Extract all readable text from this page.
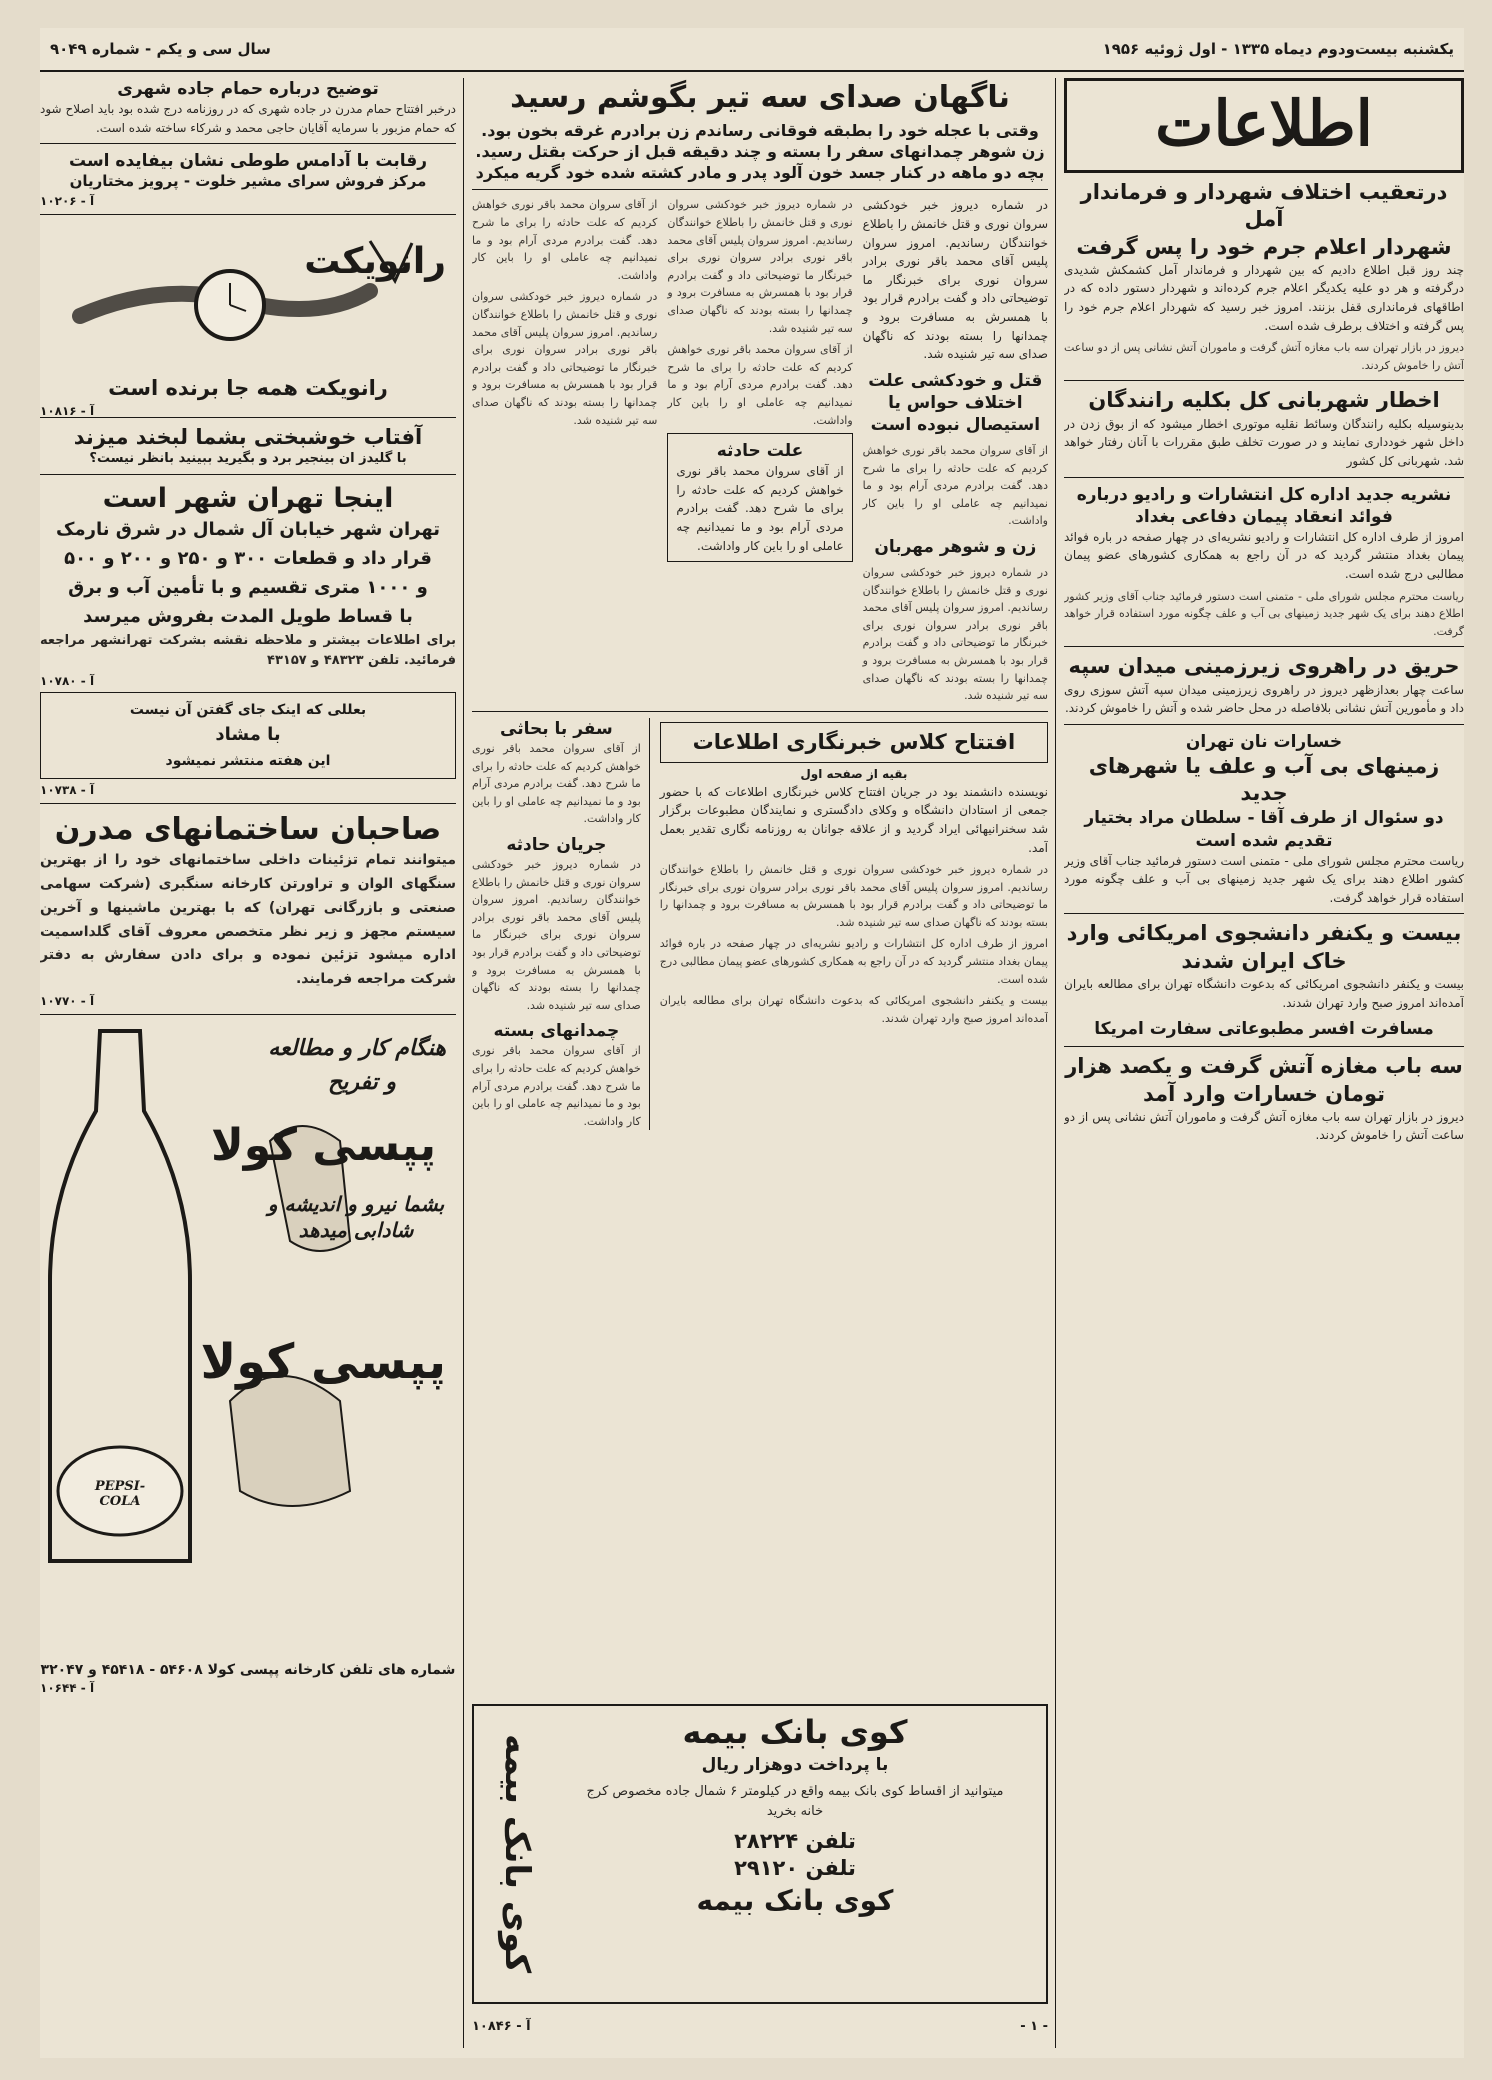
یکشنبه بیست‌ودوم دیماه ۱۳۳۵ - اول ژوئیه ۱۹۵۶
سال سی و یکم - شماره ۹۰۴۹
اطلاعات
درتعقیب اختلاف شهردار و فرماندار آمل
شهردار اعلام جرم خود را پس گرفت
چند روز قبل اطلاع دادیم که بین شهردار و فرماندار آمل کشمکش شدیدی درگرفته و هر دو علیه یکدیگر اعلام جرم کرده‌اند و شهردار دستور داده که در اطاقهای فرمانداری قفل بزنند. امروز خبر رسید که شهردار اعلام جرم خود را پس گرفته و اختلاف برطرف شده است.
دیروز در بازار تهران سه باب مغازه آتش گرفت و ماموران آتش نشانی پس از دو ساعت آتش را خاموش کردند.
اخطار شهربانی کل بکلیه رانندگان
بدینوسیله بکلیه رانندگان وسائط نقلیه موتوری اخطار میشود که از بوق زدن در داخل شهر خودداری نمایند و در صورت تخلف طبق مقررات با آنان رفتار خواهد شد. شهربانی کل کشور
نشریه جدید اداره کل انتشارات و رادیو درباره فوائد انعقاد پیمان دفاعی بغداد
امروز از طرف اداره کل انتشارات و رادیو نشریه‌ای در چهار صفحه در باره فوائد پیمان بغداد منتشر گردید که در آن راجع به همکاری کشورهای عضو پیمان مطالبی درج شده است.
ریاست محترم مجلس شورای ملی - متمنی است دستور فرمائید جناب آقای وزیر کشور اطلاع دهند برای یک شهر جدید زمینهای بی آب و علف چگونه مورد استفاده قرار خواهد گرفت.
حریق در راهروی زیرزمینی میدان سپه
ساعت چهار بعدازظهر دیروز در راهروی زیرزمینی میدان سپه آتش سوزی روی داد و مأمورین آتش نشانی بلافاصله در محل حاضر شده و آتش را خاموش کردند.
خسارات نان تهران
زمینهای بی آب و علف یا شهرهای جدید
دو سئوال از طرف آقا - سلطان مراد بختیار تقدیم شده است
ریاست محترم مجلس شورای ملی - متمنی است دستور فرمائید جناب آقای وزیر کشور اطلاع دهند برای یک شهر جدید زمینهای بی آب و علف چگونه مورد استفاده قرار خواهد گرفت.
بیست و یکنفر دانشجوی امریکائی وارد خاک ایران شدند
بیست و یکنفر دانشجوی امریکائی که بدعوت دانشگاه تهران برای مطالعه بایران آمده‌اند امروز صبح وارد تهران شدند.
مسافرت افسر مطبوعاتی سفارت امریکا
سه باب مغازه آتش گرفت و یکصد هزار تومان خسارات وارد آمد
دیروز در بازار تهران سه باب مغازه آتش گرفت و ماموران آتش نشانی پس از دو ساعت آتش را خاموش کردند.
ناگهان صدای سه تیر بگوشم رسید
وقتی با عجله خود را بطبقه فوقانی رساندم زن برادرم غرقه بخون بود. زن شوهر چمدانهای سفر را بسته و چند دقیقه قبل از حرکت بقتل رسید. بچه دو ماهه در کنار جسد خون آلود پدر و مادر کشته شده خود گریه میکرد
در شماره دیروز خبر خودکشی سروان نوری و قتل خانمش را باطلاع خوانندگان رساندیم. امروز سروان پلیس آقای محمد باقر نوری برادر سروان نوری برای خبرنگار ما توضیحاتی داد و گفت برادرم قرار بود با همسرش به مسافرت برود و چمدانها را بسته بودند که ناگهان صدای سه تیر شنیده شد.
قتل و خودکشی علت اختلاف حواس یا استیصال نبوده است
از آقای سروان محمد باقر نوری خواهش کردیم که علت حادثه را برای ما شرح دهد. گفت برادرم مردی آرام بود و ما نمیدانیم چه عاملی او را باین کار واداشت.
زن و شوهر مهربان
در شماره دیروز خبر خودکشی سروان نوری و قتل خانمش را باطلاع خوانندگان رساندیم. امروز سروان پلیس آقای محمد باقر نوری برادر سروان نوری برای خبرنگار ما توضیحاتی داد و گفت برادرم قرار بود با همسرش به مسافرت برود و چمدانها را بسته بودند که ناگهان صدای سه تیر شنیده شد.
در شماره دیروز خبر خودکشی سروان نوری و قتل خانمش را باطلاع خوانندگان رساندیم. امروز سروان پلیس آقای محمد باقر نوری برادر سروان نوری برای خبرنگار ما توضیحاتی داد و گفت برادرم قرار بود با همسرش به مسافرت برود و چمدانها را بسته بودند که ناگهان صدای سه تیر شنیده شد.
از آقای سروان محمد باقر نوری خواهش کردیم که علت حادثه را برای ما شرح دهد. گفت برادرم مردی آرام بود و ما نمیدانیم چه عاملی او را باین کار واداشت.
علت حادثه
از آقای سروان محمد باقر نوری خواهش کردیم که علت حادثه را برای ما شرح دهد. گفت برادرم مردی آرام بود و ما نمیدانیم چه عاملی او را باین کار واداشت.
از آقای سروان محمد باقر نوری خواهش کردیم که علت حادثه را برای ما شرح دهد. گفت برادرم مردی آرام بود و ما نمیدانیم چه عاملی او را باین کار واداشت.
در شماره دیروز خبر خودکشی سروان نوری و قتل خانمش را باطلاع خوانندگان رساندیم. امروز سروان پلیس آقای محمد باقر نوری برادر سروان نوری برای خبرنگار ما توضیحاتی داد و گفت برادرم قرار بود با همسرش به مسافرت برود و چمدانها را بسته بودند که ناگهان صدای سه تیر شنیده شد.
افتتاح کلاس خبرنگاری اطلاعات
بقیه از صفحه اول
نویسنده دانشمند بود در جریان افتتاح کلاس خبرنگاری اطلاعات که با حضور جمعی از استادان دانشگاه و وکلای دادگستری و نمایندگان مطبوعات برگزار شد سخنرانیهائی ایراد گردید و از علاقه جوانان به روزنامه نگاری تقدیر بعمل آمد.
در شماره دیروز خبر خودکشی سروان نوری و قتل خانمش را باطلاع خوانندگان رساندیم. امروز سروان پلیس آقای محمد باقر نوری برادر سروان نوری برای خبرنگار ما توضیحاتی داد و گفت برادرم قرار بود با همسرش به مسافرت برود و چمدانها را بسته بودند که ناگهان صدای سه تیر شنیده شد.
امروز از طرف اداره کل انتشارات و رادیو نشریه‌ای در چهار صفحه در باره فوائد پیمان بغداد منتشر گردید که در آن راجع به همکاری کشورهای عضو پیمان مطالبی درج شده است.
بیست و یکنفر دانشجوی امریکائی که بدعوت دانشگاه تهران برای مطالعه بایران آمده‌اند امروز صبح وارد تهران شدند.
سفر با بحاثی
از آقای سروان محمد باقر نوری خواهش کردیم که علت حادثه را برای ما شرح دهد. گفت برادرم مردی آرام بود و ما نمیدانیم چه عاملی او را باین کار واداشت.
جریان حادثه
در شماره دیروز خبر خودکشی سروان نوری و قتل خانمش را باطلاع خوانندگان رساندیم. امروز سروان پلیس آقای محمد باقر نوری برادر سروان نوری برای خبرنگار ما توضیحاتی داد و گفت برادرم قرار بود با همسرش به مسافرت برود و چمدانها را بسته بودند که ناگهان صدای سه تیر شنیده شد.
چمدانهای بسته
از آقای سروان محمد باقر نوری خواهش کردیم که علت حادثه را برای ما شرح دهد. گفت برادرم مردی آرام بود و ما نمیدانیم چه عاملی او را باین کار واداشت.
کوی بانک بیمه
با پرداخت دوهزار ریال
میتوانید از اقساط کوی بانک بیمه واقع در کیلومتر ۶ شمال جاده مخصوص کرج خانه بخرید
تلفن ۲۸۲۲۴
تلفن ۲۹۱۲۰
کوی بانک بیمه
کوی بانک بیمه
- ۱ -
آ - ۱۰۸۴۶
توضیح درباره حمام جاده شهری
درخبر افتتاح حمام مدرن در جاده شهری که در روزنامه درج شده بود باید اصلاح شود که حمام مزبور با سرمایه آقایان حاجی محمد و شرکاء ساخته شده است.
رقابت با آدامس طوطی نشان بیفایده است
مرکز فروش سرای مشیر خلوت - پرویز مختاریان
آ - ۱۰۲۰۶
رانویکت
رانویکت همه جا برنده است
آ - ۱۰۸۱۶
آفتاب خوشبختی بشما لبخند میزند
با گلیدز ان بینجیر برد و بگیرید ببینید بانظر نیست؟
اینجا تهران شهر است
تهران شهر خیابان آل شمال در شرق نارمک
قرار داد و قطعات ۳۰۰ و ۲۵۰ و ۲۰۰ و ۵۰۰
و ۱۰۰۰ متری تقسیم و با تأمین آب و برق
با قساط طویل المدت بفروش میرسد
برای اطلاعات بیشتر و ملاحظه نقشه بشرکت تهرانشهر مراجعه فرمائید. تلفن ۴۸۳۲۳ و ۴۳۱۵۷
آ - ۱۰۷۸۰
بعللی که اینک جای گفتن آن نیست
با مشاد
این هفته منتشر نمیشود
آ - ۱۰۷۳۸
صاحبان ساختمانهای مدرن
میتوانند تمام تزئینات داخلی ساختمانهای خود را از بهترین سنگهای الوان و تراورتن کارخانه سنگبری (شرکت سهامی صنعتی و بازرگانی تهران) که با بهترین ماشینها و آخرین سیستم مجهز و زیر نظر متخصص معروف آقای گلداسمیت اداره میشود تزئین نموده و برای دادن سفارش به دفتر شرکت مراجعه فرمایند.
آ - ۱۰۷۷۰
هنگام کار و مطالعه
و تفریح
پپسی کولا
بشما نیرو و اندیشه و شادابی میدهد
پپسی کولا
PEPSI-COLA
شماره های تلفن کارخانه پپسی کولا ۵۴۶۰۸ - ۴۵۴۱۸ و ۳۲۰۴۷
آ - ۱۰۶۴۴
